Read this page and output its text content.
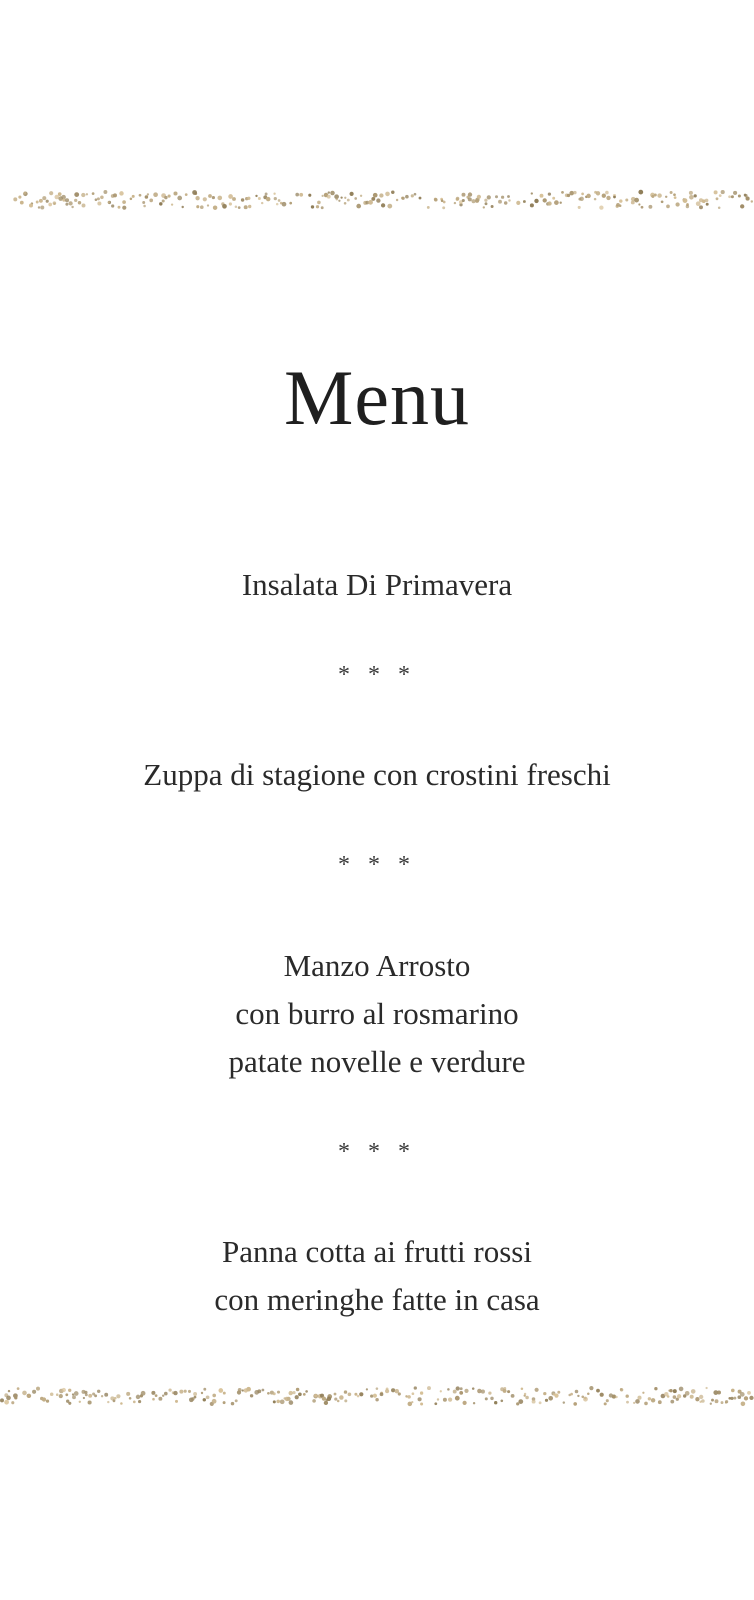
Menu
Insalata Di Primavera
* * *
Zuppa di stagione con crostini freschi
* * *
Manzo Arrosto
con burro al rosmarino
patate novelle e verdure
* * *
Panna cotta ai frutti rossi
con meringhe fatte in casa
